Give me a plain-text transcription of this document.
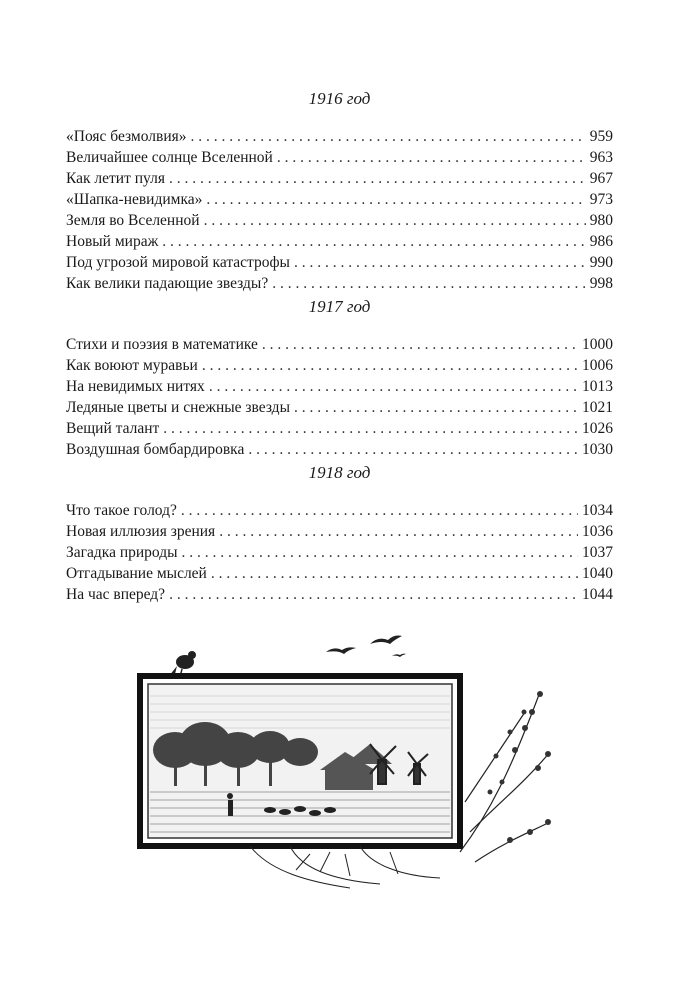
1916 год
«Пояс безмолвия» . . .	959
Величайшее солнце Вселенной . . .	963
Как летит пуля . . .	967
«Шапка-невидимка» . . .	973
Земля во Вселенной . . .	980
Новый мираж . . .	986
Под угрозой мировой катастрофы . . .	990
Как велики падающие звезды? . . .	998
1917 год
Стихи и поэзия в математике . . .	1000
Как воюют муравьи . . .	1006
На невидимых нитях . . .	1013
Ледяные цветы и снежные звезды . . .	1021
Вещий талант . . .	1026
Воздушная бомбардировка . . .	1030
1918 год
Что такое голод? . . .	1034
Новая иллюзия зрения . . .	1036
Загадка природы . . .	1037
Отгадывание мыслей . . .	1040
На час вперед? . . .	1044
